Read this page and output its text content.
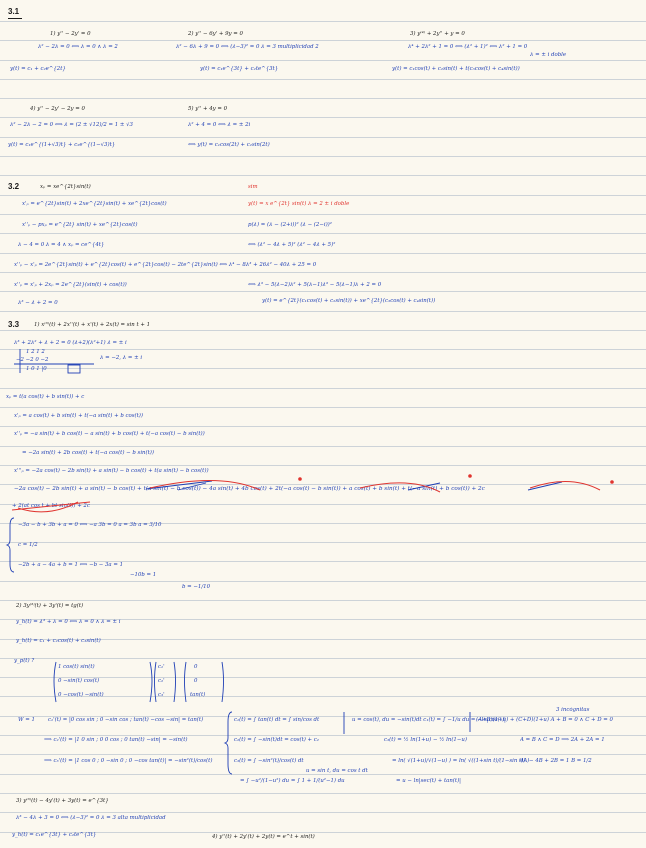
3.1
1) y'' − 2y' = 0
λ² − 2λ = 0 ⟺ λ = 0 ∧ λ = 2
y(t) = c₁ + c₂e^{2t}
2) y'' − 6y' + 9y = 0
λ² − 6λ + 9 = 0 ⟺ (λ−3)² = 0 λ = 3 multiplicidad 2
y(t) = c₁e^{3t} + c₂te^{3t}
3) y⁽⁴⁾ + 2y'' + y = 0
λ⁴ + 2λ² + 1 = 0 ⟺ (λ² + 1)² ⟺ λ² + 1 = 0
λ = ± i doble
y(t) = c₁cos(t) + c₂sin(t) + t(c₃cos(t) + c₄sin(t))
4) y'' − 2y' − 2y = 0
λ² − 2λ − 2 = 0 ⟺ λ = (2 ± √12)/2 = 1 ± √3
y(t) = c₁e^{(1+√3)t} + c₂e^{(1−√3)t}
5) y'' + 4y = 0
λ² + 4 = 0 ⟺ λ = ± 2i
⟺ y(t) = c₁cos(2t) + c₂sin(2t)
3.2	xₚ = xe^{2t}sin(t)	sim
x'ₚ = e^{2t}sin(t) + 2xe^{2t}sin(t) + xe^{2t}cos(t)	y(t) = x e^{2t} sin(t) λ = 2 ± i doble
x''ₚ − pxₚ = e^{2t} sin(t) + xe^{2t}cos(t)	p(λ) = (λ − (2+i))² (λ − (2−i))²
λ − 4 = 0 λ = 4 ∧ xₚ = ce^{4t}	⟺ (λ² − 4λ + 5)² (λ² − 4λ + 5)²
x''ₚ − x'ₚ = 2e^{2t}sin(t) + e^{2t}cos(t) + e^{2t}cos(t) − 2te^{2t}sin(t) ⟺ λ⁴ − 8λ³ + 26λ² − 40λ + 25 = 0
x''ₚ = x'ₚ + 2xₚ = 2e^{2t}(sin(t) + cos(t))	⟺ λ³ − 5(λ−2)λ² + 5(λ−1)λ³ − 5(λ−1)λ + 2 = 0
λ³ − λ + 2 = 0	y(t) = e^{2t}(c₁cos(t) + c₂sin(t)) + xe^{2t}(c₃cos(t) + c₄sin(t))
3.3	1) x⁽³⁾(t) + 2x''(t) + x'(t) + 2x(t) = sin t + 1
λ³ + 2λ² + λ + 2 = 0 (λ+2)(λ²+1) λ = ± i
1 2 1 2
−2 −2 0 −2
1 0 1 |0
λ = −2, λ = ± i
xₚ = t(a cos(t) + b sin(t)) + c
x'ₚ = a cos(t) + b sin(t) + t(−a sin(t) + b cos(t))
x''ₚ = −a sin(t) + b cos(t) − a sin(t) + b cos(t) + t(−a cos(t) − b sin(t))
= −2a sin(t) + 2b cos(t) + t(−a cos(t) − b sin(t))
x'''ₚ = −2a cos(t) − 2b sin(t) + a sin(t) − b cos(t) + t(a sin(t) − b cos(t))
−2a cos(t) − 2b sin(t) + a sin(t) − b cos(t) + t(a sin(t) − b cos(t)) − 4a sin(t) + 4b cos(t) + 2t(−a cos(t) − b sin(t)) + a cos(t) + b sin(t) + t(−a sin(t) + b cos(t)) + 2c
+ 2(at cos t + bt sin(t)) + 2c
−3a − b + 3b + a = 0 ⟺ −a 3b = 0 a = 3b a = 3/10
c = 1/2
−2b + a − 4a + b = 1 ⟺ −b − 3a = 1
−10b = 1
b = −1/10
2) 3y⁽³⁾(t) + 3y'(t) = tg(t)
y_h(t) = λ³ + λ = 0 ⟺ λ = 0 ∧ λ = ± i
y_h(t) = c₁ + c₂cos(t) + c₃sin(t)
y_p(t) ?
1 cos(t) sin(t)
0 −sin(t) cos(t)
0 −cos(t) −sin(t)
c₁'
c₂'
c₃'
0
0
tan(t)
W = 1	c₁'(t) = |0 cos sin ; 0 −sin cos ; tan(t) −cos −sin| = tan(t)
⟹ c₂'(t) = |1 0 sin ; 0 0 cos ; 0 tan(t) −sin| = −sin(t)
⟹ c₃'(t) = |1 cos 0 ; 0 −sin 0 ; 0 −cos tan(t)| = −sin²(t)/cos(t)
c₁(t) = ∫ tan(t) dt = ∫ sin/cos dt	u = cos(t), du = −sin(t)dt c₁(t) = ∫ −1/u du = −ln|cos(t)|
c₂(t) = ∫ −sin(t)dt = cos(t) + c₂
c₃(t) = ∫ −sin²(t)/cos(t) dt
u = sin t, du = cos t dt
= ∫ −u²/(1−u²) du = ∫ 1 + 1/(u²−1) du
c₃(t) = ½ ln(1+u) − ½ ln(1−u)
= ln( √(1+u)/√(1−u) ) = ln( √((1+sin t)/(1−sin t)) )
= u − ln|sec(t) + tan(t)|
(A+B)(1−u) + (C+D)(1+u) A + B = 0 ∧ C + D = 0
A = B ∧ C = D ⟹ 2A + 2A = 1
4A − 4B + 2B = 1 B = 1/2
3 incógnitas
3) y⁽³⁾(t) − 4y'(t) + 3y(t) = e^{3t}
λ³ − 4λ + 3 = 0 ⟺ (λ−3)² = 0 λ = 3 alta multiplicidad
y_h(t) = c₁e^{3t} + c₂te^{3t}	4) y''(t) + 2y'(t) + 2y(t) = e^t + sin(t)
